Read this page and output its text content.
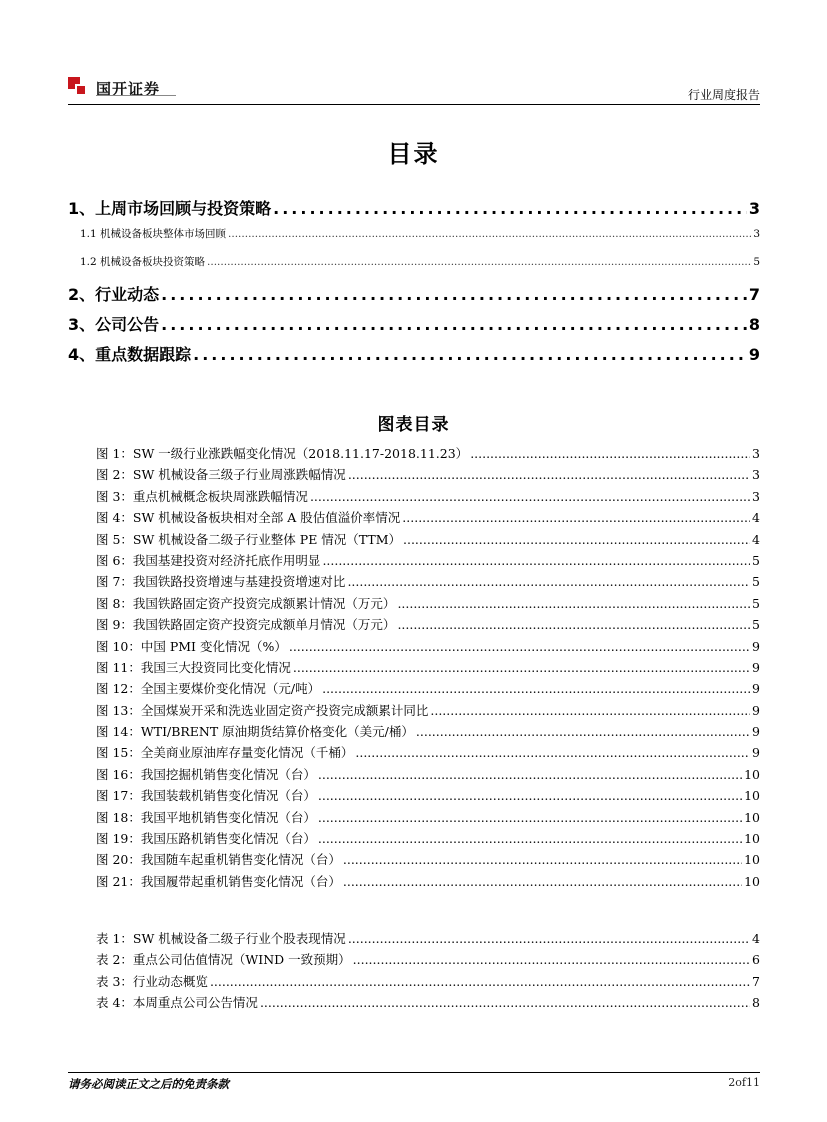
国开证券	行业周度报告
目录
1、上周市场回顾与投资策略 .....	3
1.1 机械设备板块整体市场回顾 .....	3
1.2 机械设备板块投资策略 .....	5
2、行业动态 .....	7
3、公司公告 .....	8
4、重点数据跟踪 .....	9
图表目录
图 1：SW 一级行业涨跌幅变化情况（2018.11.17-2018.11.23） .....	3
图 2：SW 机械设备三级子行业周涨跌幅情况 .....	3
图 3：重点机械概念板块周涨跌幅情况 .....	3
图 4：SW 机械设备板块相对全部 A 股估值溢价率情况 .....	4
图 5：SW 机械设备二级子行业整体 PE 情况（TTM） .....	4
图 6：我国基建投资对经济托底作用明显 .....	5
图 7：我国铁路投资增速与基建投资增速对比 .....	5
图 8：我国铁路固定资产投资完成额累计情况（万元） .....	5
图 9：我国铁路固定资产投资完成额单月情况（万元） .....	5
图 10：中国 PMI 变化情况（%） .....	9
图 11：我国三大投资同比变化情况 .....	9
图 12：全国主要煤价变化情况（元/吨） .....	9
图 13：全国煤炭开采和洗选业固定资产投资完成额累计同比 .....	9
图 14：WTI/BRENT 原油期货结算价格变化（美元/桶） .....	9
图 15：全美商业原油库存量变化情况（千桶） .....	9
图 16：我国挖掘机销售变化情况（台） .....	10
图 17：我国装载机销售变化情况（台） .....	10
图 18：我国平地机销售变化情况（台） .....	10
图 19：我国压路机销售变化情况（台） .....	10
图 20：我国随车起重机销售变化情况（台） .....	10
图 21：我国履带起重机销售变化情况（台） .....	10
表 1：SW 机械设备二级子行业个股表现情况 .....	4
表 2：重点公司估值情况（WIND 一致预期） .....	6
表 3：行业动态概览 .....	7
表 4：本周重点公司公告情况 .....	8
请务必阅读正文之后的免责条款	2of11
